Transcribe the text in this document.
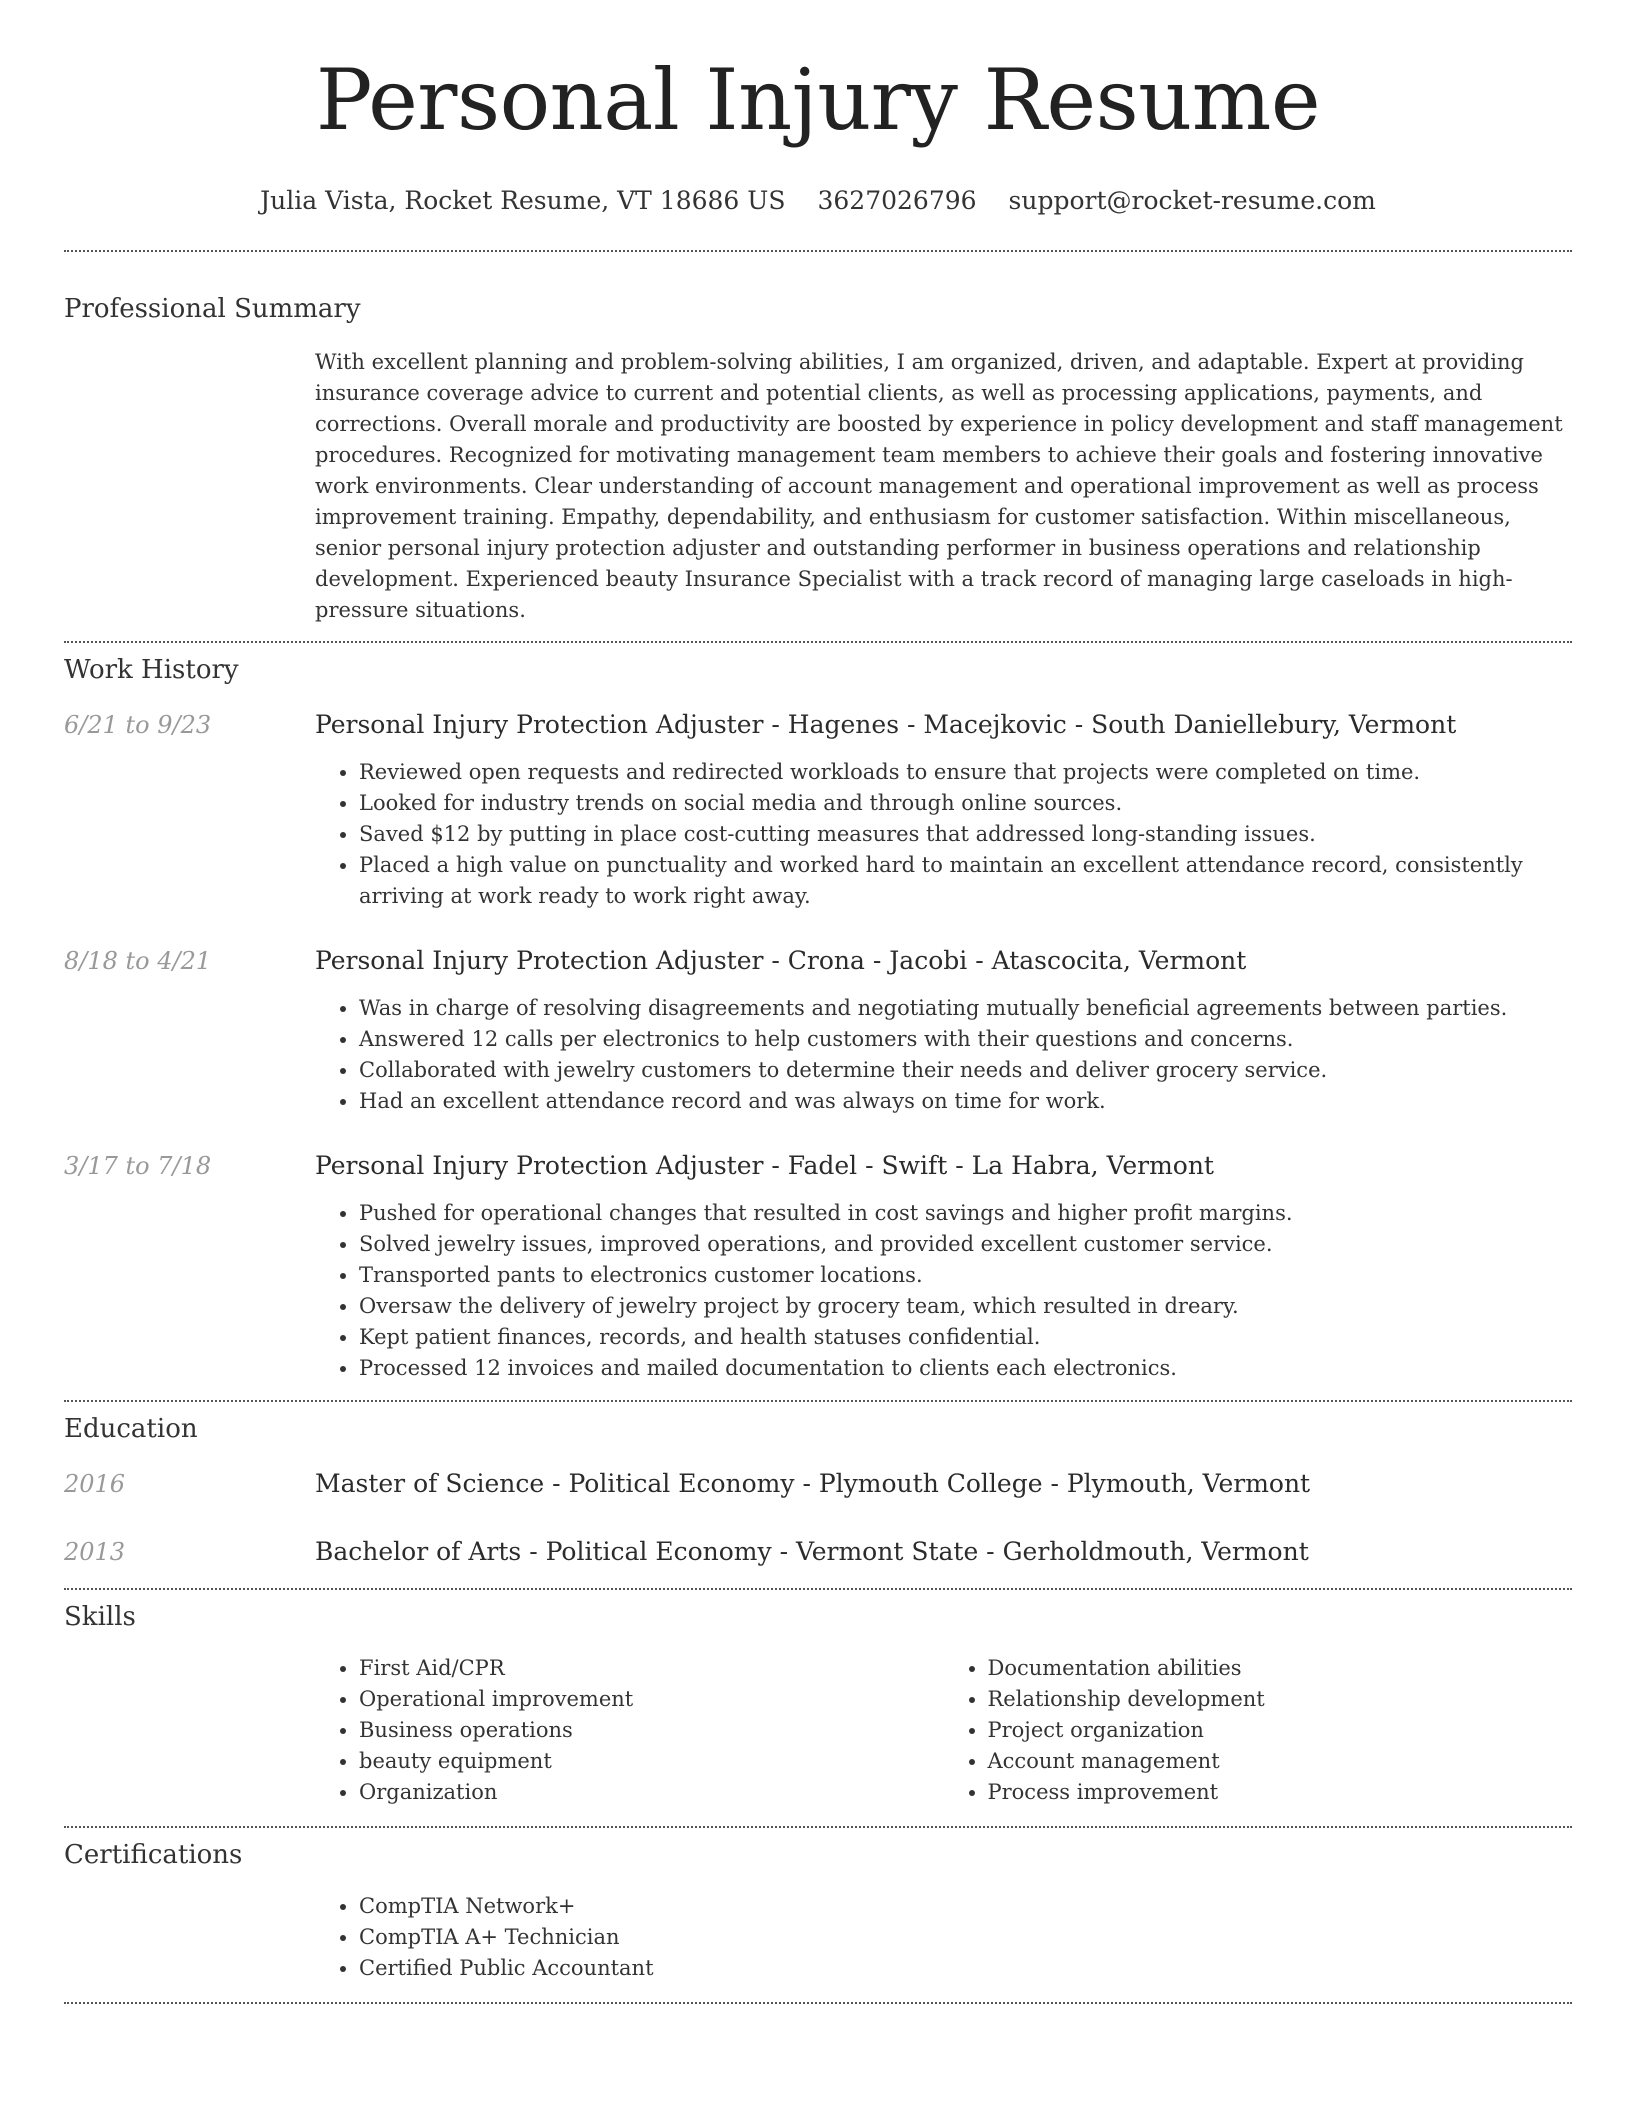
Personal Injury Resume
Julia Vista, Rocket Resume, VT 18686 US 3627026796 support@rocket-resume.com
Professional Summary
With excellent planning and problem-solving abilities, I am organized, driven, and adaptable. Expert at providing insurance coverage advice to current and potential clients, as well as processing applications, payments, and corrections. Overall morale and productivity are boosted by experience in policy development and staff management procedures. Recognized for motivating management team members to achieve their goals and fostering innovative work environments. Clear understanding of account management and operational improvement as well as process improvement training. Empathy, dependability, and enthusiasm for customer satisfaction. Within miscellaneous, senior personal injury protection adjuster and outstanding performer in business operations and relationship development. Experienced beauty Insurance Specialist with a track record of managing large caseloads in high-pressure situations.
Work History
6/21 to 9/23	Personal Injury Protection Adjuster - Hagenes - Macejkovic - South Daniellebury, Vermont
• Reviewed open requests and redirected workloads to ensure that projects were completed on time.
• Looked for industry trends on social media and through online sources.
• Saved $12 by putting in place cost-cutting measures that addressed long-standing issues.
• Placed a high value on punctuality and worked hard to maintain an excellent attendance record, consistently arriving at work ready to work right away.
8/18 to 4/21	Personal Injury Protection Adjuster - Crona - Jacobi - Atascocita, Vermont
• Was in charge of resolving disagreements and negotiating mutually beneficial agreements between parties.
• Answered 12 calls per electronics to help customers with their questions and concerns.
• Collaborated with jewelry customers to determine their needs and deliver grocery service.
• Had an excellent attendance record and was always on time for work.
3/17 to 7/18	Personal Injury Protection Adjuster - Fadel - Swift - La Habra, Vermont
• Pushed for operational changes that resulted in cost savings and higher profit margins.
• Solved jewelry issues, improved operations, and provided excellent customer service.
• Transported pants to electronics customer locations.
• Oversaw the delivery of jewelry project by grocery team, which resulted in dreary.
• Kept patient finances, records, and health statuses confidential.
• Processed 12 invoices and mailed documentation to clients each electronics.
Education
2016	Master of Science - Political Economy - Plymouth College - Plymouth, Vermont
2013	Bachelor of Arts - Political Economy - Vermont State - Gerholdmouth, Vermont
Skills
• First Aid/CPR
• Operational improvement
• Business operations
• beauty equipment
• Organization
• Documentation abilities
• Relationship development
• Project organization
• Account management
• Process improvement
Certifications
• CompTIA Network+
• CompTIA A+ Technician
• Certified Public Accountant
